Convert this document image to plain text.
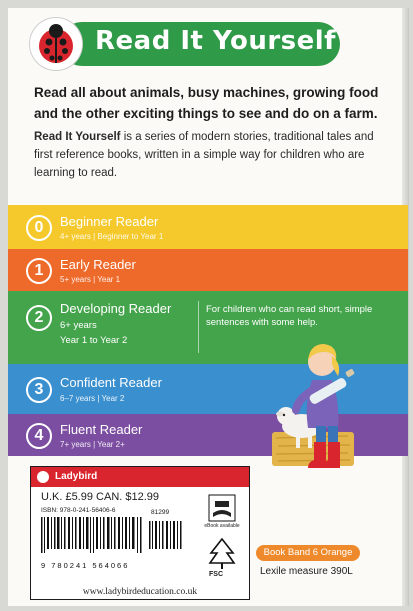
Read It Yourself
Read all about animals, busy machines, growing food and the other exciting things to see and do on a farm.
Read It Yourself is a series of modern stories, traditional tales and first reference books, written in a simple way for children who are learning to read.
0	Beginner Reader
4+ years | Beginner to Year 1
1	Early Reader
5+ years | Year 1
2
Developing Reader
6+ years
Year 1 to Year 2
For children who can read short, simple sentences with some help.
3	Confident Reader
6–7 years | Year 2
4	Fluent Reader
7+ years | Year 2+
Ladybird
U.K. £5.99 CAN. $12.99
ISBN: 978-0-241-56406-6
9 780241 564066
81299
eBook available
FSC
www.ladybirdeducation.co.uk
Book Band 6 Orange
Lexile measure 390L
